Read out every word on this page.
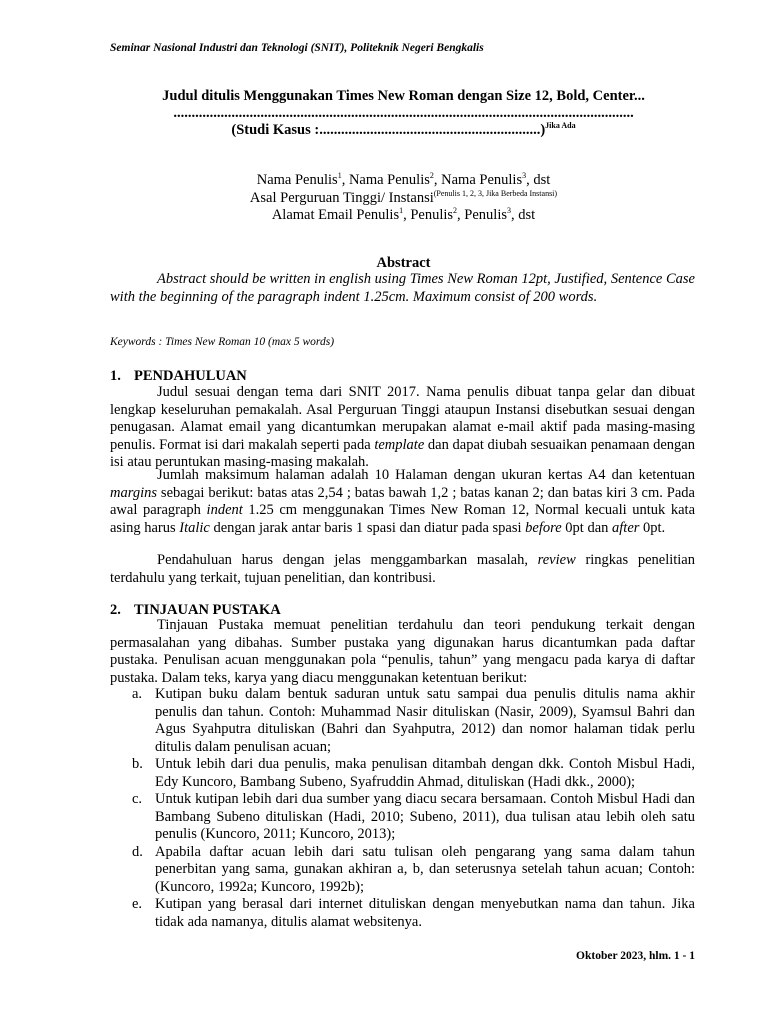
Seminar Nasional Industri dan Teknologi (SNIT), Politeknik Negeri Bengkalis
Judul ditulis Menggunakan Times New Roman dengan Size 12, Bold, Center...
...............................................................................................................................
(Studi Kasus :.............................................................)$^{Jika Ada}$
Nama Penulis$^1$, Nama Penulis$^2$, Nama Penulis$^3$, dst
Asal Perguruan Tinggi/ Instansi$^{(Penulis 1, 2, 3, Jika Berbeda Instansi)}$
Alamat Email Penulis$^1$, Penulis$^2$, Penulis$^3$, dst
Abstract
Abstract should be written in english using Times New Roman 12pt, Justified, Sentence Case with the beginning of the paragraph indent 1.25cm. Maximum consist of 200 words.
Keywords : Times New Roman 10 (max 5 words)
1. PENDAHULUAN
Judul sesuai dengan tema dari SNIT 2017. Nama penulis dibuat tanpa gelar dan dibuat lengkap keseluruhan pemakalah. Asal Perguruan Tinggi ataupun Instansi disebutkan sesuai dengan penugasan. Alamat email yang dicantumkan merupakan alamat e-mail aktif pada masing-masing penulis. Format isi dari makalah seperti pada template dan dapat diubah sesuaikan penamaan dengan isi atau peruntukan masing-masing makalah.
Jumlah maksimum halaman adalah 10 Halaman dengan ukuran kertas A4 dan ketentuan margins sebagai berikut: batas atas 2,54 ; batas bawah 1,2 ; batas kanan 2; dan batas kiri 3 cm. Pada awal paragraph indent 1.25 cm menggunakan Times New Roman 12, Normal kecuali untuk kata asing harus Italic dengan jarak antar baris 1 spasi dan diatur pada spasi before 0pt dan after 0pt.
Pendahuluan harus dengan jelas menggambarkan masalah, review ringkas penelitian terdahulu yang terkait, tujuan penelitian, dan kontribusi.
2. TINJAUAN PUSTAKA
Tinjauan Pustaka memuat penelitian terdahulu dan teori pendukung terkait dengan permasalahan yang dibahas. Sumber pustaka yang digunakan harus dicantumkan pada daftar pustaka. Penulisan acuan menggunakan pola “penulis, tahun” yang mengacu pada karya di daftar pustaka. Dalam teks, karya yang diacu menggunakan ketentuan berikut:
a. Kutipan buku dalam bentuk saduran untuk satu sampai dua penulis ditulis nama akhir penulis dan tahun. Contoh: Muhammad Nasir dituliskan (Nasir, 2009), Syamsul Bahri dan Agus Syahputra dituliskan (Bahri dan Syahputra, 2012) dan nomor halaman tidak perlu ditulis dalam penulisan acuan;
b. Untuk lebih dari dua penulis, maka penulisan ditambah dengan dkk. Contoh Misbul Hadi, Edy Kuncoro, Bambang Subeno, Syafruddin Ahmad, dituliskan (Hadi dkk., 2000);
c. Untuk kutipan lebih dari dua sumber yang diacu secara bersamaan. Contoh Misbul Hadi dan Bambang Subeno dituliskan (Hadi, 2010; Subeno, 2011), dua tulisan atau lebih oleh satu penulis (Kuncoro, 2011; Kuncoro, 2013);
d. Apabila daftar acuan lebih dari satu tulisan oleh pengarang yang sama dalam tahun penerbitan yang sama, gunakan akhiran a, b, dan seterusnya setelah tahun acuan; Contoh: (Kuncoro, 1992a; Kuncoro, 1992b);
e. Kutipan yang berasal dari internet dituliskan dengan menyebutkan nama dan tahun. Jika tidak ada namanya, ditulis alamat websitenya.
Oktober 2023, hlm. 1 - 1
